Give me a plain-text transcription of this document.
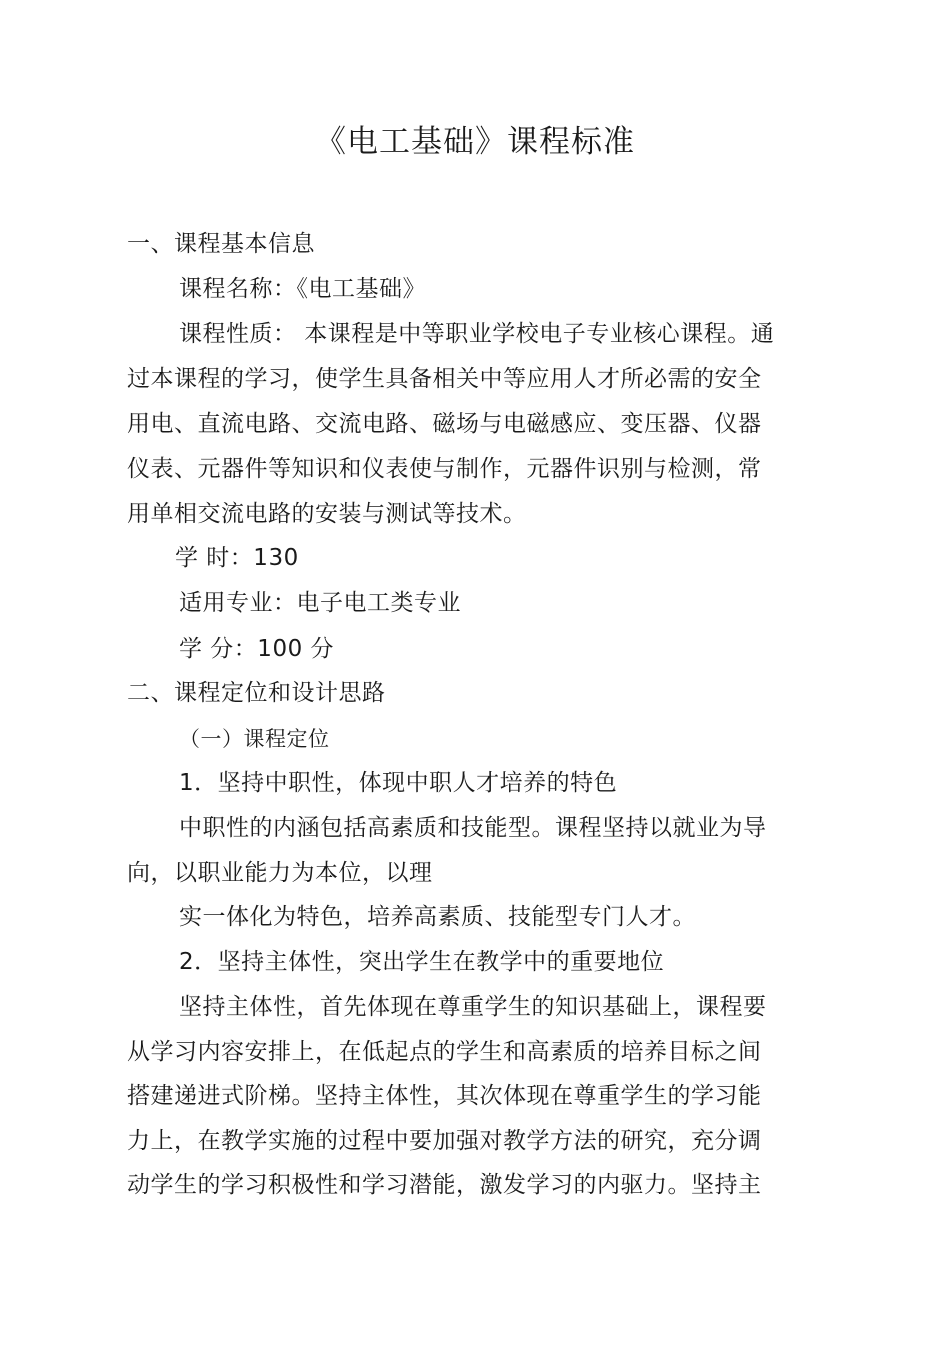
《电工基础》课程标准
一、课程基本信息
课程名称：《电工基础》
课程性质： 本课程是中等职业学校电子专业核心课程。通
过本课程的学习，使学生具备相关中等应用人才所必需的安全
用电、直流电路、交流电路、磁场与电磁感应、变压器、仪器
仪表、元器件等知识和仪表使与制作，元器件识别与检测，常
用单相交流电路的安装与测试等技术。
学 时：130
适用专业：电子电工类专业
学 分：100 分
二、课程定位和设计思路
（一）课程定位
1．坚持中职性，体现中职人才培养的特色
中职性的内涵包括高素质和技能型。课程坚持以就业为导
向，以职业能力为本位，以理
实一体化为特色，培养高素质、技能型专门人才。
2．坚持主体性，突出学生在教学中的重要地位
坚持主体性，首先体现在尊重学生的知识基础上，课程要
从学习内容安排上，在低起点的学生和高素质的培养目标之间
搭建递进式阶梯。坚持主体性，其次体现在尊重学生的学习能
力上，在教学实施的过程中要加强对教学方法的研究，充分调
动学生的学习积极性和学习潜能，激发学习的内驱力。坚持主
